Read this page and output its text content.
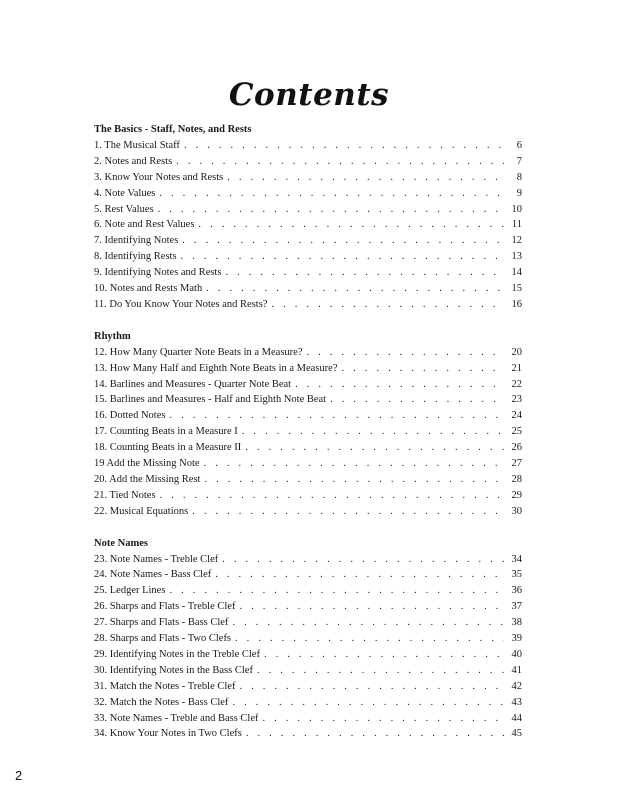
Contents
The Basics - Staff, Notes, and Rests
1. The Musical Staff . . .	6
2. Notes and Rests . . .	7
3. Know Your Notes and Rests . . .	8
4. Note Values . . .	9
5. Rest Values . . .	10
6. Note and Rest Values . . .	11
7. Identifying Notes . . .	12
8. Identifying Rests . . .	13
9. Identifying Notes and Rests . . .	14
10. Notes and Rests Math . . .	15
11. Do You Know Your Notes and Rests? . . .	16
Rhythm
12. How Many Quarter Note Beats in a Measure? . . .	20
13. How Many Half and Eighth Note Beats in a Measure? . . .	21
14. Barlines and Measures - Quarter Note Beat . . .	22
15. Barlines and Measures - Half and Eighth Note Beat . . .	23
16. Dotted Notes . . .	24
17. Counting Beats in a Measure I . . .	25
18. Counting Beats in a Measure II . . .	26
19 Add the Missing Note . . .	27
20. Add the Missing Rest . . .	28
21. Tied Notes . . .	29
22. Musical Equations . . .	30
Note Names
23. Note Names - Treble Clef . . .	34
24. Note Names - Bass Clef . . .	35
25. Ledger Lines . . .	36
26. Sharps and Flats - Treble Clef . . .	37
27. Sharps and Flats - Bass Clef . . .	38
28. Sharps and Flats - Two Clefs . . .	39
29. Identifying Notes in the Treble Clef . . .	40
30. Identifying Notes in the Bass Clef . . .	41
31. Match the Notes - Treble Clef . . .	42
32. Match the Notes - Bass Clef . . .	43
33. Note Names - Treble and Bass Clef . . .	44
34. Know Your Notes in Two Clefs . . .	45
2
